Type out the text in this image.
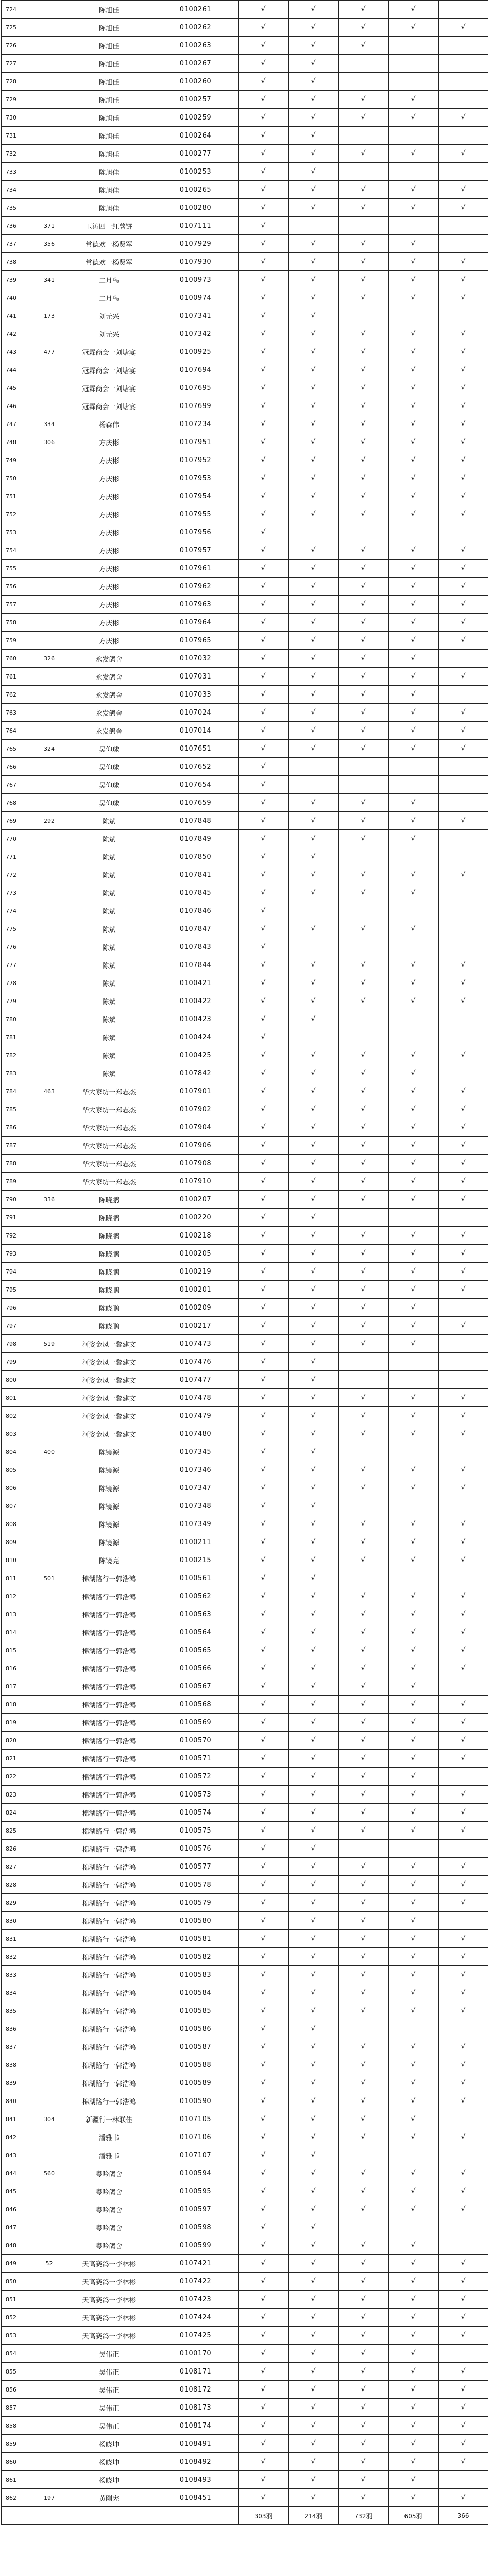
724		陈旭佳	0100261	√	√	√	√	
725		陈旭佳	0100262	√	√	√	√	√
726		陈旭佳	0100263	√	√	√		
727		陈旭佳	0100267	√	√			
728		陈旭佳	0100260	√	√			
729		陈旭佳	0100257	√	√	√	√	
730		陈旭佳	0100259	√	√	√	√	√
731		陈旭佳	0100264	√	√			
732		陈旭佳	0100277	√	√	√	√	√
733		陈旭佳	0100253	√	√			
734		陈旭佳	0100265	√	√	√	√	√
735		陈旭佳	0100280	√	√	√	√	√
736	371	玉涛四一红薯饼	0107111	√				
737	356	常德欢一杨贤军	0107929	√	√	√	√	
738		常德欢一杨贤军	0107930	√	√	√	√	√
739	341	二月鸟	0100973	√	√	√	√	√
740		二月鸟	0100974	√	√	√	√	√
741	173	刘元兴	0107341	√	√			
742		刘元兴	0107342	√	√	√	√	√
743	477	冠霖商会一刘塘宴	0100925	√	√	√	√	√
744		冠霖商会一刘塘宴	0107694	√	√	√	√	√
745		冠霖商会一刘塘宴	0107695	√	√	√	√	√
746		冠霖商会一刘塘宴	0107699	√	√	√	√	√
747	334	杨森伟	0107234	√	√	√	√	√
748	306	方庆彬	0107951	√	√	√	√	√
749		方庆彬	0107952	√	√	√	√	√
750		方庆彬	0107953	√	√	√	√	√
751		方庆彬	0107954	√	√	√	√	√
752		方庆彬	0107955	√	√	√	√	√
753		方庆彬	0107956	√				
754		方庆彬	0107957	√	√	√	√	√
755		方庆彬	0107961	√	√	√	√	√
756		方庆彬	0107962	√	√	√	√	√
757		方庆彬	0107963	√	√	√	√	√
758		方庆彬	0107964	√	√	√	√	√
759		方庆彬	0107965	√	√	√	√	√
760	326	永发鸽舍	0107032	√	√	√	√	
761		永发鸽舍	0107031	√	√	√	√	√
762		永发鸽舍	0107033	√	√	√	√	
763		永发鸽舍	0107024	√	√	√	√	√
764		永发鸽舍	0107014	√	√	√	√	√
765	324	吴仰球	0107651	√	√	√	√	√
766		吴仰球	0107652	√				
767		吴仰球	0107654	√				
768		吴仰球	0107659	√	√	√	√	
769	292	陈斌	0107848	√	√	√	√	√
770		陈斌	0107849	√	√	√	√	
771		陈斌	0107850	√	√			
772		陈斌	0107841	√	√	√	√	√
773		陈斌	0107845	√	√	√	√	
774		陈斌	0107846	√				
775		陈斌	0107847	√	√	√	√	
776		陈斌	0107843	√				
777		陈斌	0107844	√	√	√	√	√
778		陈斌	0100421	√	√	√	√	√
779		陈斌	0100422	√	√	√	√	√
780		陈斌	0100423	√	√			
781		陈斌	0100424	√				
782		陈斌	0100425	√	√	√	√	√
783		陈斌	0107842	√	√	√	√	
784	463	华大家坊一郑志杰	0107901	√	√	√	√	√
785		华大家坊一郑志杰	0107902	√	√	√	√	√
786		华大家坊一郑志杰	0107904	√	√	√	√	√
787		华大家坊一郑志杰	0107906	√	√	√	√	√
788		华大家坊一郑志杰	0107908	√	√	√	√	√
789		华大家坊一郑志杰	0107910	√	√	√	√	√
790	336	陈晓鹏	0100207	√	√	√	√	√
791		陈晓鹏	0100220	√	√			
792		陈晓鹏	0100218	√	√	√	√	√
793		陈晓鹏	0100205	√	√	√	√	√
794		陈晓鹏	0100219	√	√	√	√	√
795		陈晓鹏	0100201	√	√	√	√	√
796		陈晓鹏	0100209	√	√	√	√	
797		陈晓鹏	0100217	√	√	√	√	√
798	519	河姿金凤一黎建文	0107473	√	√	√	√	
799		河姿金凤一黎建文	0107476	√	√			
800		河姿金凤一黎建文	0107477	√	√			
801		河姿金凤一黎建文	0107478	√	√	√	√	√
802		河姿金凤一黎建文	0107479	√	√	√	√	√
803		河姿金凤一黎建文	0107480	√	√	√	√	√
804	400	陈镜源	0107345	√	√			
805		陈镜源	0107346	√	√	√	√	√
806		陈镜源	0107347	√	√	√	√	√
807		陈镜源	0107348	√	√			
808		陈镜源	0107349	√	√	√	√	√
809		陈镜源	0100211	√	√	√	√	√
810		陈镜亮	0100215	√	√	√	√	√
811	501	棉湖路行一郭浩鸿	0100561	√	√			
812		棉湖路行一郭浩鸿	0100562	√	√	√	√	√
813		棉湖路行一郭浩鸿	0100563	√	√	√	√	√
814		棉湖路行一郭浩鸿	0100564	√	√	√	√	√
815		棉湖路行一郭浩鸿	0100565	√	√	√	√	√
816		棉湖路行一郭浩鸿	0100566	√	√	√	√	√
817		棉湖路行一郭浩鸿	0100567	√	√	√	√	
818		棉湖路行一郭浩鸿	0100568	√	√	√	√	√
819		棉湖路行一郭浩鸿	0100569	√	√	√	√	√
820		棉湖路行一郭浩鸿	0100570	√	√	√	√	√
821		棉湖路行一郭浩鸿	0100571	√	√	√	√	√
822		棉湖路行一郭浩鸿	0100572	√	√	√	√	
823		棉湖路行一郭浩鸿	0100573	√	√	√	√	√
824		棉湖路行一郭浩鸿	0100574	√	√	√	√	√
825		棉湖路行一郭浩鸿	0100575	√	√	√	√	√
826		棉湖路行一郭浩鸿	0100576	√	√			
827		棉湖路行一郭浩鸿	0100577	√	√	√	√	√
828		棉湖路行一郭浩鸿	0100578	√	√	√	√	√
829		棉湖路行一郭浩鸿	0100579	√	√	√	√	√
830		棉湖路行一郭浩鸿	0100580	√	√	√	√	
831		棉湖路行一郭浩鸿	0100581	√	√	√	√	√
832		棉湖路行一郭浩鸿	0100582	√	√	√	√	√
833		棉湖路行一郭浩鸿	0100583	√	√	√	√	√
834		棉湖路行一郭浩鸿	0100584	√	√	√	√	√
835		棉湖路行一郭浩鸿	0100585	√	√	√	√	√
836		棉湖路行一郭浩鸿	0100586	√	√			
837		棉湖路行一郭浩鸿	0100587	√	√	√	√	√
838		棉湖路行一郭浩鸿	0100588	√	√	√	√	√
839		棉湖路行一郭浩鸿	0100589	√	√	√	√	√
840		棉湖路行一郭浩鸿	0100590	√	√	√	√	√
841	304	新疆行一林联佳	0107105	√	√	√	√	
842		潘雅书	0107106	√	√	√	√	√
843		潘雅书	0107107	√	√			
844	560	粤吟鸽舍	0100594	√	√	√	√	√
845		粤吟鸽舍	0100595	√	√	√	√	√
846		粤吟鸽舍	0100597	√	√	√	√	√
847		粤吟鸽舍	0100598	√	√			
848		粤吟鸽舍	0100599	√	√	√	√	
849	52	天高赛鸽一李林彬	0107421	√	√	√	√	√
850		天高赛鸽一李林彬	0107422	√	√	√	√	√
851		天高赛鸽一李林彬	0107423	√	√	√	√	√
852		天高赛鸽一李林彬	0107424	√	√	√	√	√
853		天高赛鸽一李林彬	0107425	√	√	√	√	√
854		吴伟正	0100170	√	√	√	√	
855		吴伟正	0108171	√	√	√	√	√
856		吴伟正	0108172	√	√	√	√	√
857		吴伟正	0108173	√	√	√	√	√
858		吴伟正	0108174	√	√	√	√	√
859		杨晓坤	0108491	√	√	√	√	√
860		杨晓坤	0108492	√	√	√	√	√
861		杨晓坤	0108493	√	√	√	√	
862	197	黄刚宪	0108451	√	√	√	√	√
				303羽	214羽	732羽	605羽	366
